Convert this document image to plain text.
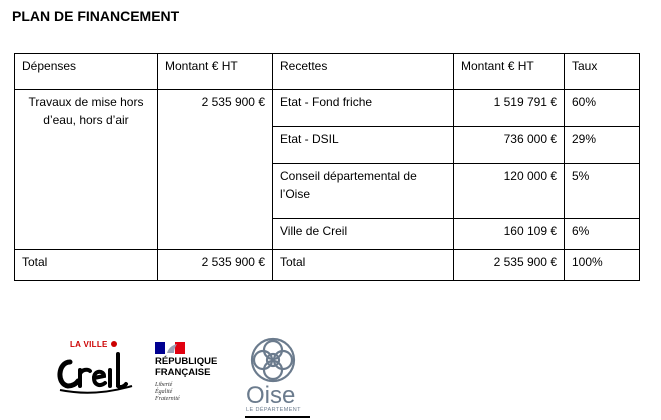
PLAN DE FINANCEMENT
Dépenses	Montant € HT	Recettes	Montant € HT	Taux
Travaux de mise hors d’eau, hors d’air	2 535 900 €	Etat - Fond friche	1 519 791 €	60%
		Etat - DSIL	736 000 €	29%
		Conseil départemental de l’Oise	120 000 €	5%
		Ville de Creil	160 109 €	6%
Total	2 535 900 €	Total	2 535 900 €	100%
LA VILLE
RÉPUBLIQUE FRANÇAISE
Liberté Égalité Fraternité	Oise
LE DÉPARTEMENT
